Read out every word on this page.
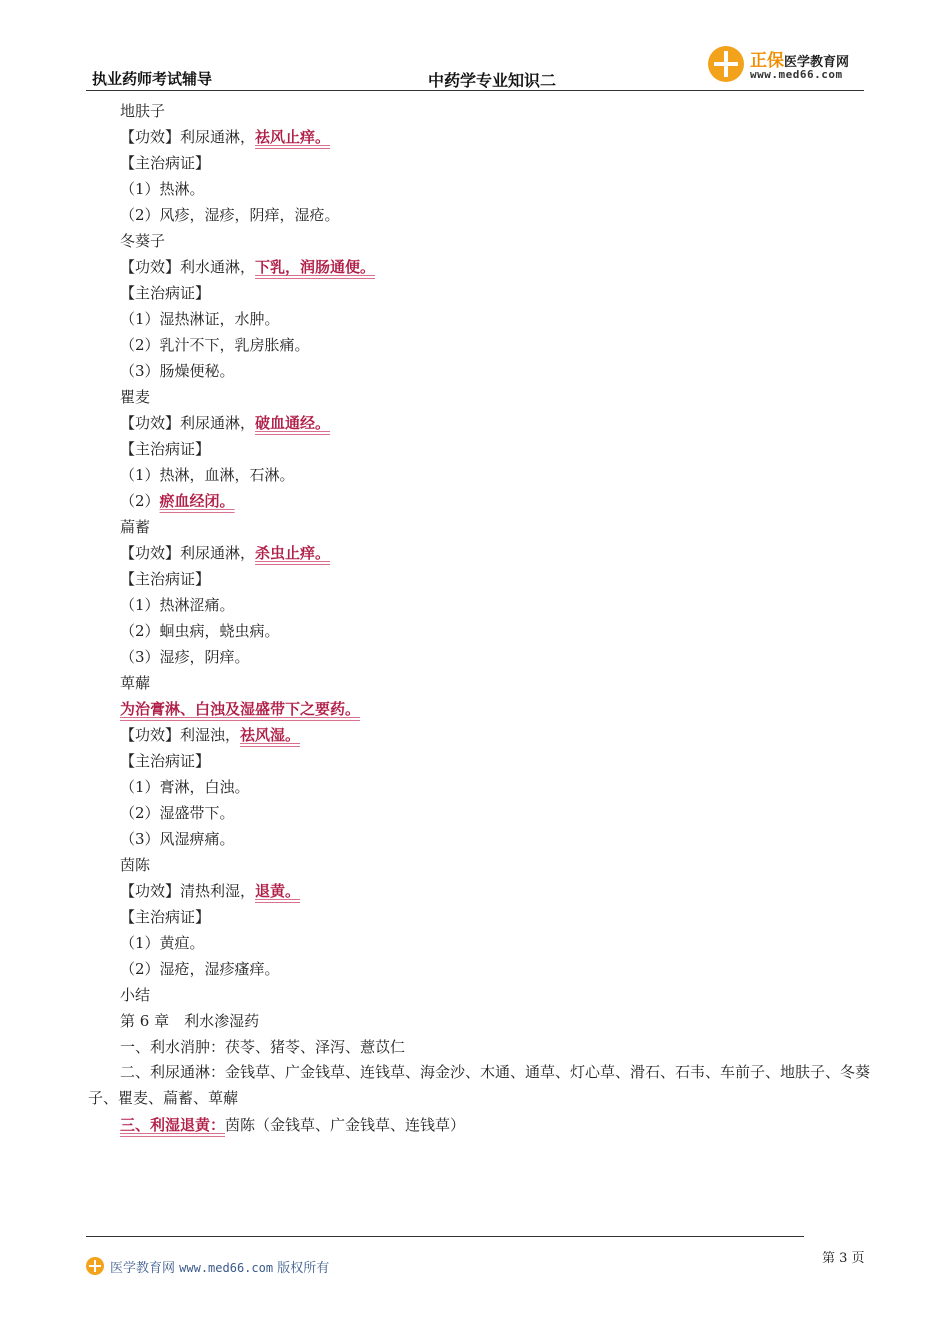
执业药师考试辅导	中药学专业知识二
正保医学教育网
www.med66.com
地肤子
【功效】利尿通淋，祛风止痒。
【主治病证】
（1）热淋。
（2）风疹，湿疹，阴痒，湿疮。
冬葵子
【功效】利水通淋，下乳，润肠通便。
【主治病证】
（1）湿热淋证，水肿。
（2）乳汁不下，乳房胀痛。
（3）肠燥便秘。
瞿麦
【功效】利尿通淋，破血通经。
【主治病证】
（1）热淋，血淋，石淋。
（2）瘀血经闭。
萹蓄
【功效】利尿通淋，杀虫止痒。
【主治病证】
（1）热淋涩痛。
（2）蛔虫病，蛲虫病。
（3）湿疹，阴痒。
萆薢
为治膏淋、白浊及湿盛带下之要药。
【功效】利湿浊，祛风湿。
【主治病证】
（1）膏淋，白浊。
（2）湿盛带下。
（3）风湿痹痛。
茵陈
【功效】清热利湿，退黄。
【主治病证】
（1）黄疸。
（2）湿疮，湿疹瘙痒。
小结
第 6 章　利水渗湿药
一、利水消肿：茯苓、猪苓、泽泻、薏苡仁
二、利尿通淋：金钱草、广金钱草、连钱草、海金沙、木通、通草、灯心草、滑石、石韦、车前子、地肤子、冬葵子、瞿麦、萹蓄、萆薢
三、利湿退黄：茵陈（金钱草、广金钱草、连钱草）
医学教育网 www.med66.com 版权所有
第 3 页
